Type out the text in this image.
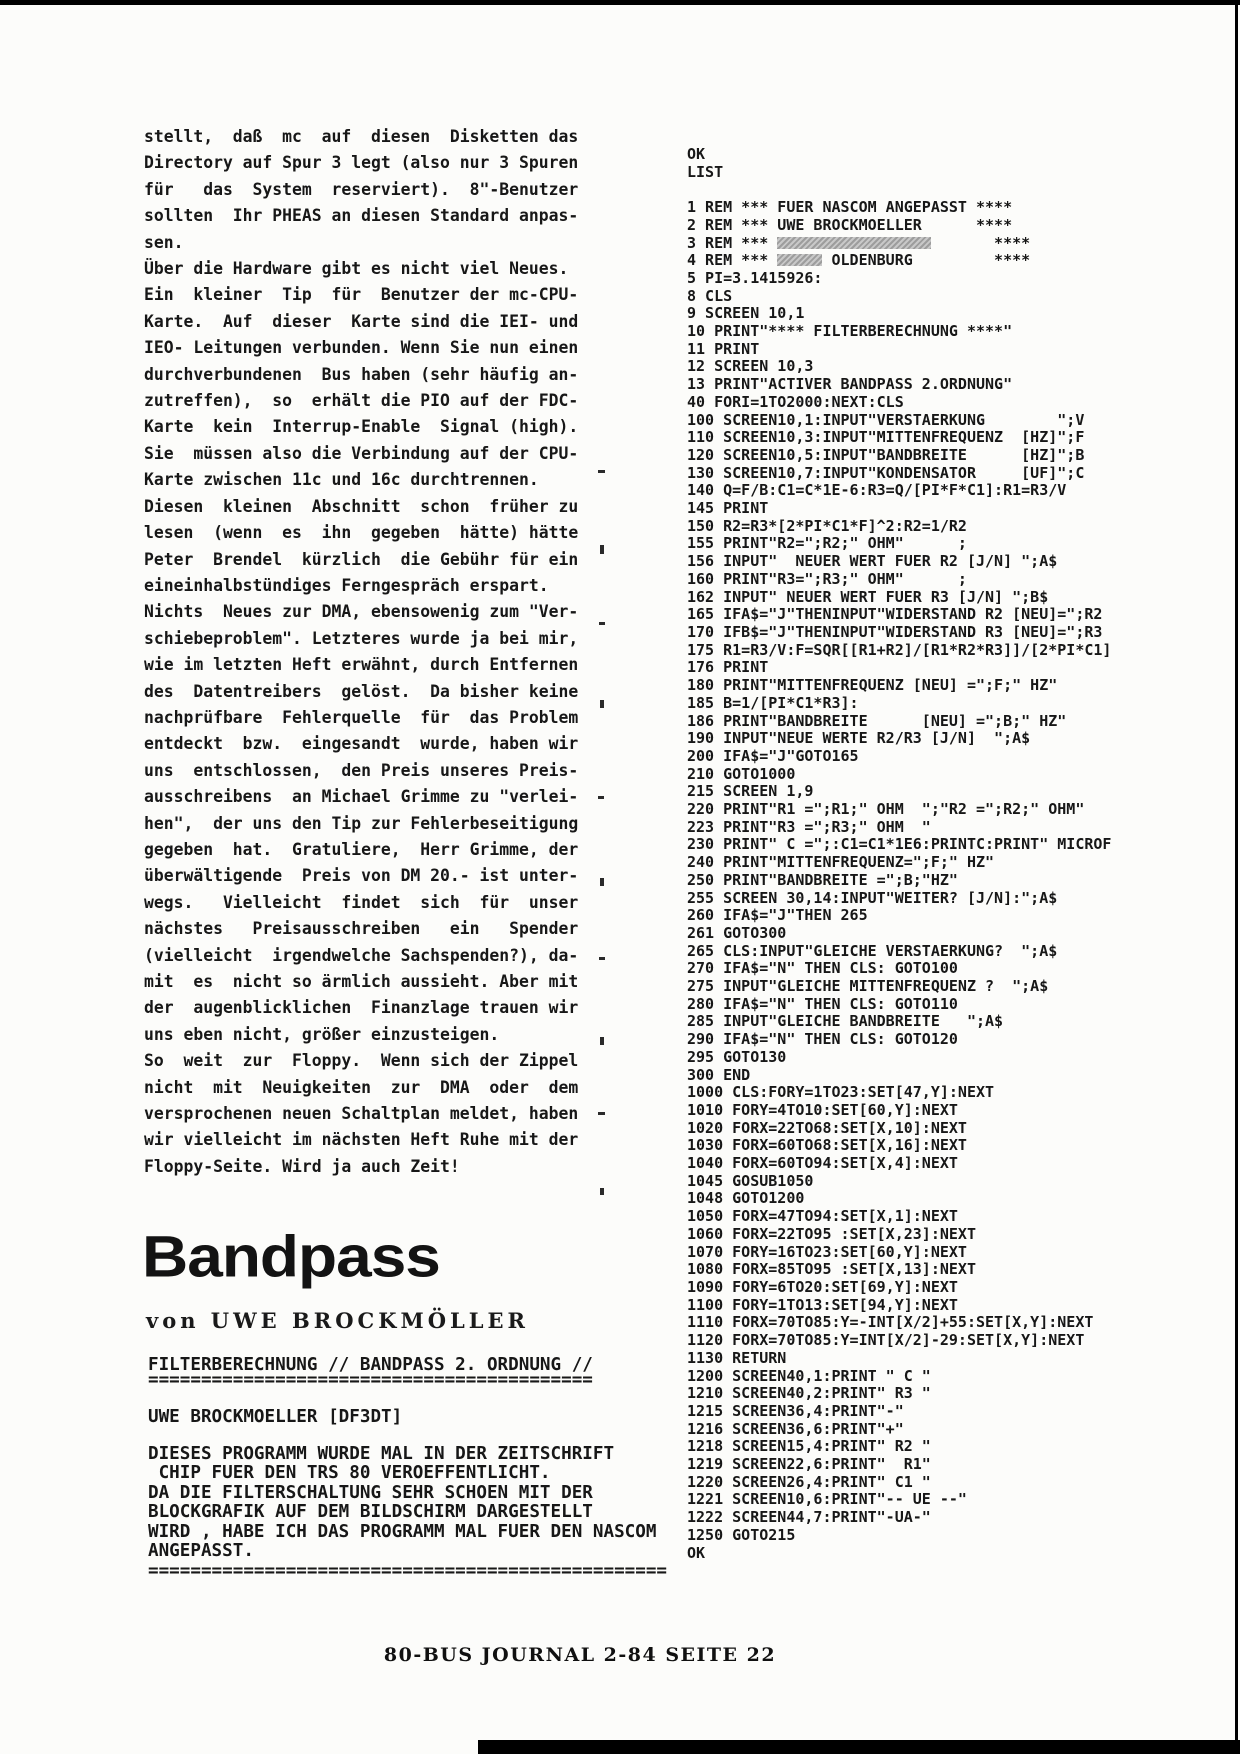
stellt,  daß  mc  auf  diesen  Disketten das
Directory auf Spur 3 legt (also nur 3 Spuren
für   das  System  reserviert).  8"-Benutzer
sollten  Ihr PHEAS an diesen Standard anpas-
sen.
Über die Hardware gibt es nicht viel Neues.
Ein  kleiner  Tip  für  Benutzer der mc-CPU-
Karte.  Auf  dieser  Karte sind die IEI- und
IEO- Leitungen verbunden. Wenn Sie nun einen
durchverbundenen  Bus haben (sehr häufig an-
zutreffen),  so  erhält die PIO auf der FDC-
Karte  kein  Interrup-Enable  Signal (high).
Sie  müssen also die Verbindung auf der CPU-
Karte zwischen 11c und 16c durchtrennen.
Diesen  kleinen  Abschnitt  schon  früher zu
lesen  (wenn  es  ihn  gegeben  hätte) hätte
Peter  Brendel  kürzlich  die Gebühr für ein
eineinhalbstündiges Ferngespräch erspart.
Nichts  Neues zur DMA, ebensowenig zum "Ver-
schiebeproblem". Letzteres wurde ja bei mir,
wie im letzten Heft erwähnt, durch Entfernen
des  Datentreibers  gelöst.  Da bisher keine
nachprüfbare  Fehlerquelle  für  das Problem
entdeckt  bzw.  eingesandt  wurde, haben wir
uns  entschlossen,  den Preis unseres Preis-
ausschreibens  an Michael Grimme zu "verlei-
hen",  der uns den Tip zur Fehlerbeseitigung
gegeben  hat.  Gratuliere,  Herr Grimme, der
überwältigende  Preis von DM 20.- ist unter-
wegs.   Vielleicht  findet  sich  für  unser
nächstes   Preisausschreiben   ein   Spender
(vielleicht  irgendwelche Sachspenden?), da-
mit  es  nicht so ärmlich aussieht. Aber mit
der  augenblicklichen  Finanzlage trauen wir
uns eben nicht, größer einzusteigen.
So  weit  zur  Floppy.  Wenn sich der Zippel
nicht  mit  Neuigkeiten  zur  DMA  oder  dem
versprochenen neuen Schaltplan meldet, haben
wir vielleicht im nächsten Heft Ruhe mit der
Floppy-Seite. Wird ja auch Zeit!
Bandpass
von UWE BROCKMÖLLER
FILTERBERECHNUNG // BANDPASS 2. ORDNUNG //
==========================================

UWE BROCKMOELLER [DF3DT]

DIESES PROGRAMM WURDE MAL IN DER ZEITSCHRIFT
CHIP FUER DEN TRS 80 VEROEFFENTLICHT.
DA DIE FILTERSCHALTUNG SEHR SCHOEN MIT DER
BLOCKGRAFIK AUF DEM BILDSCHIRM DARGESTELLT
WIRD , HABE ICH DAS PROGRAMM MAL FUER DEN NASCOM
ANGEPASST.
=================================================
OK
LIST

1 REM *** FUER NASCOM ANGEPASST ****
2 REM *** UWE BROCKMOELLER      ****
3 REM ***	****
4 REM ***	OLDENBURG         ****
5 PI=3.1415926:
8 CLS
9 SCREEN 10,1
10 PRINT"**** FILTERBERECHNUNG ****"
11 PRINT
12 SCREEN 10,3
13 PRINT"ACTIVER BANDPASS 2.ORDNUNG"
40 FORI=1TO2000:NEXT:CLS
100 SCREEN10,1:INPUT"VERSTAERKUNG        ";V
110 SCREEN10,3:INPUT"MITTENFREQUENZ  [HZ]";F
120 SCREEN10,5:INPUT"BANDBREITE      [HZ]";B
130 SCREEN10,7:INPUT"KONDENSATOR     [UF]";C
140 Q=F/B:C1=C*1E-6:R3=Q/[PI*F*C1]:R1=R3/V
145 PRINT
150 R2=R3*[2*PI*C1*F]^2:R2=1/R2
155 PRINT"R2=";R2;" OHM"      ;
156 INPUT"  NEUER WERT FUER R2 [J/N] ";A$
160 PRINT"R3=";R3;" OHM"      ;
162 INPUT" NEUER WERT FUER R3 [J/N] ";B$
165 IFA$="J"THENINPUT"WIDERSTAND R2 [NEU]=";R2
170 IFB$="J"THENINPUT"WIDERSTAND R3 [NEU]=";R3
175 R1=R3/V:F=SQR[[R1+R2]/[R1*R2*R3]]/[2*PI*C1]
176 PRINT
180 PRINT"MITTENFREQUENZ [NEU] =";F;" HZ"
185 B=1/[PI*C1*R3]:
186 PRINT"BANDBREITE      [NEU] =";B;" HZ"
190 INPUT"NEUE WERTE R2/R3 [J/N]  ";A$
200 IFA$="J"GOTO165
210 GOTO1000
215 SCREEN 1,9
220 PRINT"R1 =";R1;" OHM  ";"R2 =";R2;" OHM"
223 PRINT"R3 =";R3;" OHM  "
230 PRINT" C =";:C1=C1*1E6:PRINTC:PRINT" MICROF
240 PRINT"MITTENFREQUENZ=";F;" HZ"
250 PRINT"BANDBREITE =";B;"HZ"
255 SCREEN 30,14:INPUT"WEITER? [J/N]:";A$
260 IFA$="J"THEN 265
261 GOTO300
265 CLS:INPUT"GLEICHE VERSTAERKUNG?  ";A$
270 IFA$="N" THEN CLS: GOTO100
275 INPUT"GLEICHE MITTENFREQUENZ ?  ";A$
280 IFA$="N" THEN CLS: GOTO110
285 INPUT"GLEICHE BANDBREITE   ";A$
290 IFA$="N" THEN CLS: GOTO120
295 GOTO130
300 END
1000 CLS:FORY=1TO23:SET[47,Y]:NEXT
1010 FORY=4TO10:SET[60,Y]:NEXT
1020 FORX=22TO68:SET[X,10]:NEXT
1030 FORX=60TO68:SET[X,16]:NEXT
1040 FORX=60TO94:SET[X,4]:NEXT
1045 GOSUB1050
1048 GOTO1200
1050 FORX=47TO94:SET[X,1]:NEXT
1060 FORX=22TO95 :SET[X,23]:NEXT
1070 FORY=16TO23:SET[60,Y]:NEXT
1080 FORX=85TO95 :SET[X,13]:NEXT
1090 FORY=6TO20:SET[69,Y]:NEXT
1100 FORY=1TO13:SET[94,Y]:NEXT
1110 FORX=70TO85:Y=-INT[X/2]+55:SET[X,Y]:NEXT
1120 FORX=70TO85:Y=INT[X/2]-29:SET[X,Y]:NEXT
1130 RETURN
1200 SCREEN40,1:PRINT " C "
1210 SCREEN40,2:PRINT" R3 "
1215 SCREEN36,4:PRINT"-"
1216 SCREEN36,6:PRINT"+"
1218 SCREEN15,4:PRINT" R2 "
1219 SCREEN22,6:PRINT"  R1"
1220 SCREEN26,4:PRINT" C1 "
1221 SCREEN10,6:PRINT"-- UE --"
1222 SCREEN44,7:PRINT"-UA-"
1250 GOTO215
OK
80-BUS JOURNAL 2-84 SEITE 22
